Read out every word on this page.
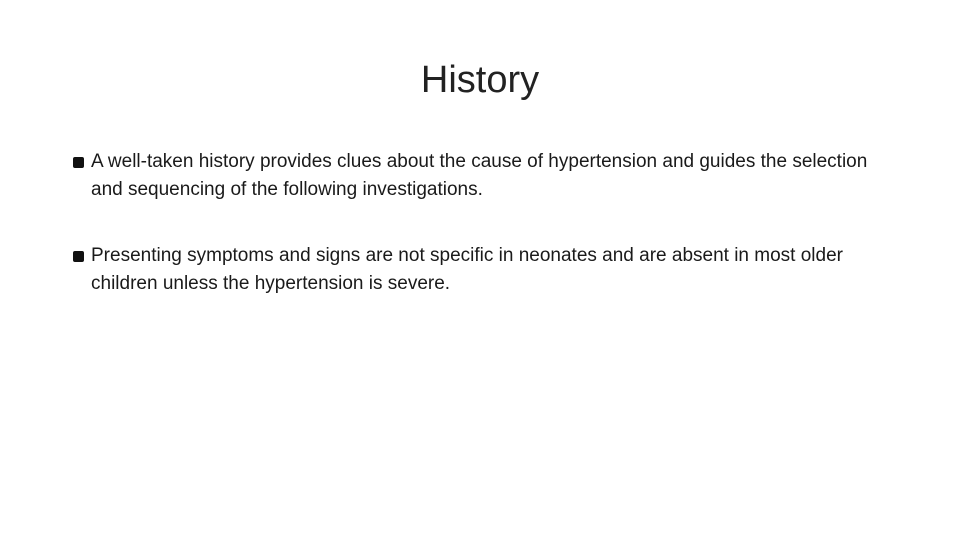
History
A well-taken history provides clues about the cause of hypertension and guides the selection and sequencing of the following investigations.
Presenting symptoms and signs are not specific in neonates and are absent in most older children unless the hypertension is severe.
